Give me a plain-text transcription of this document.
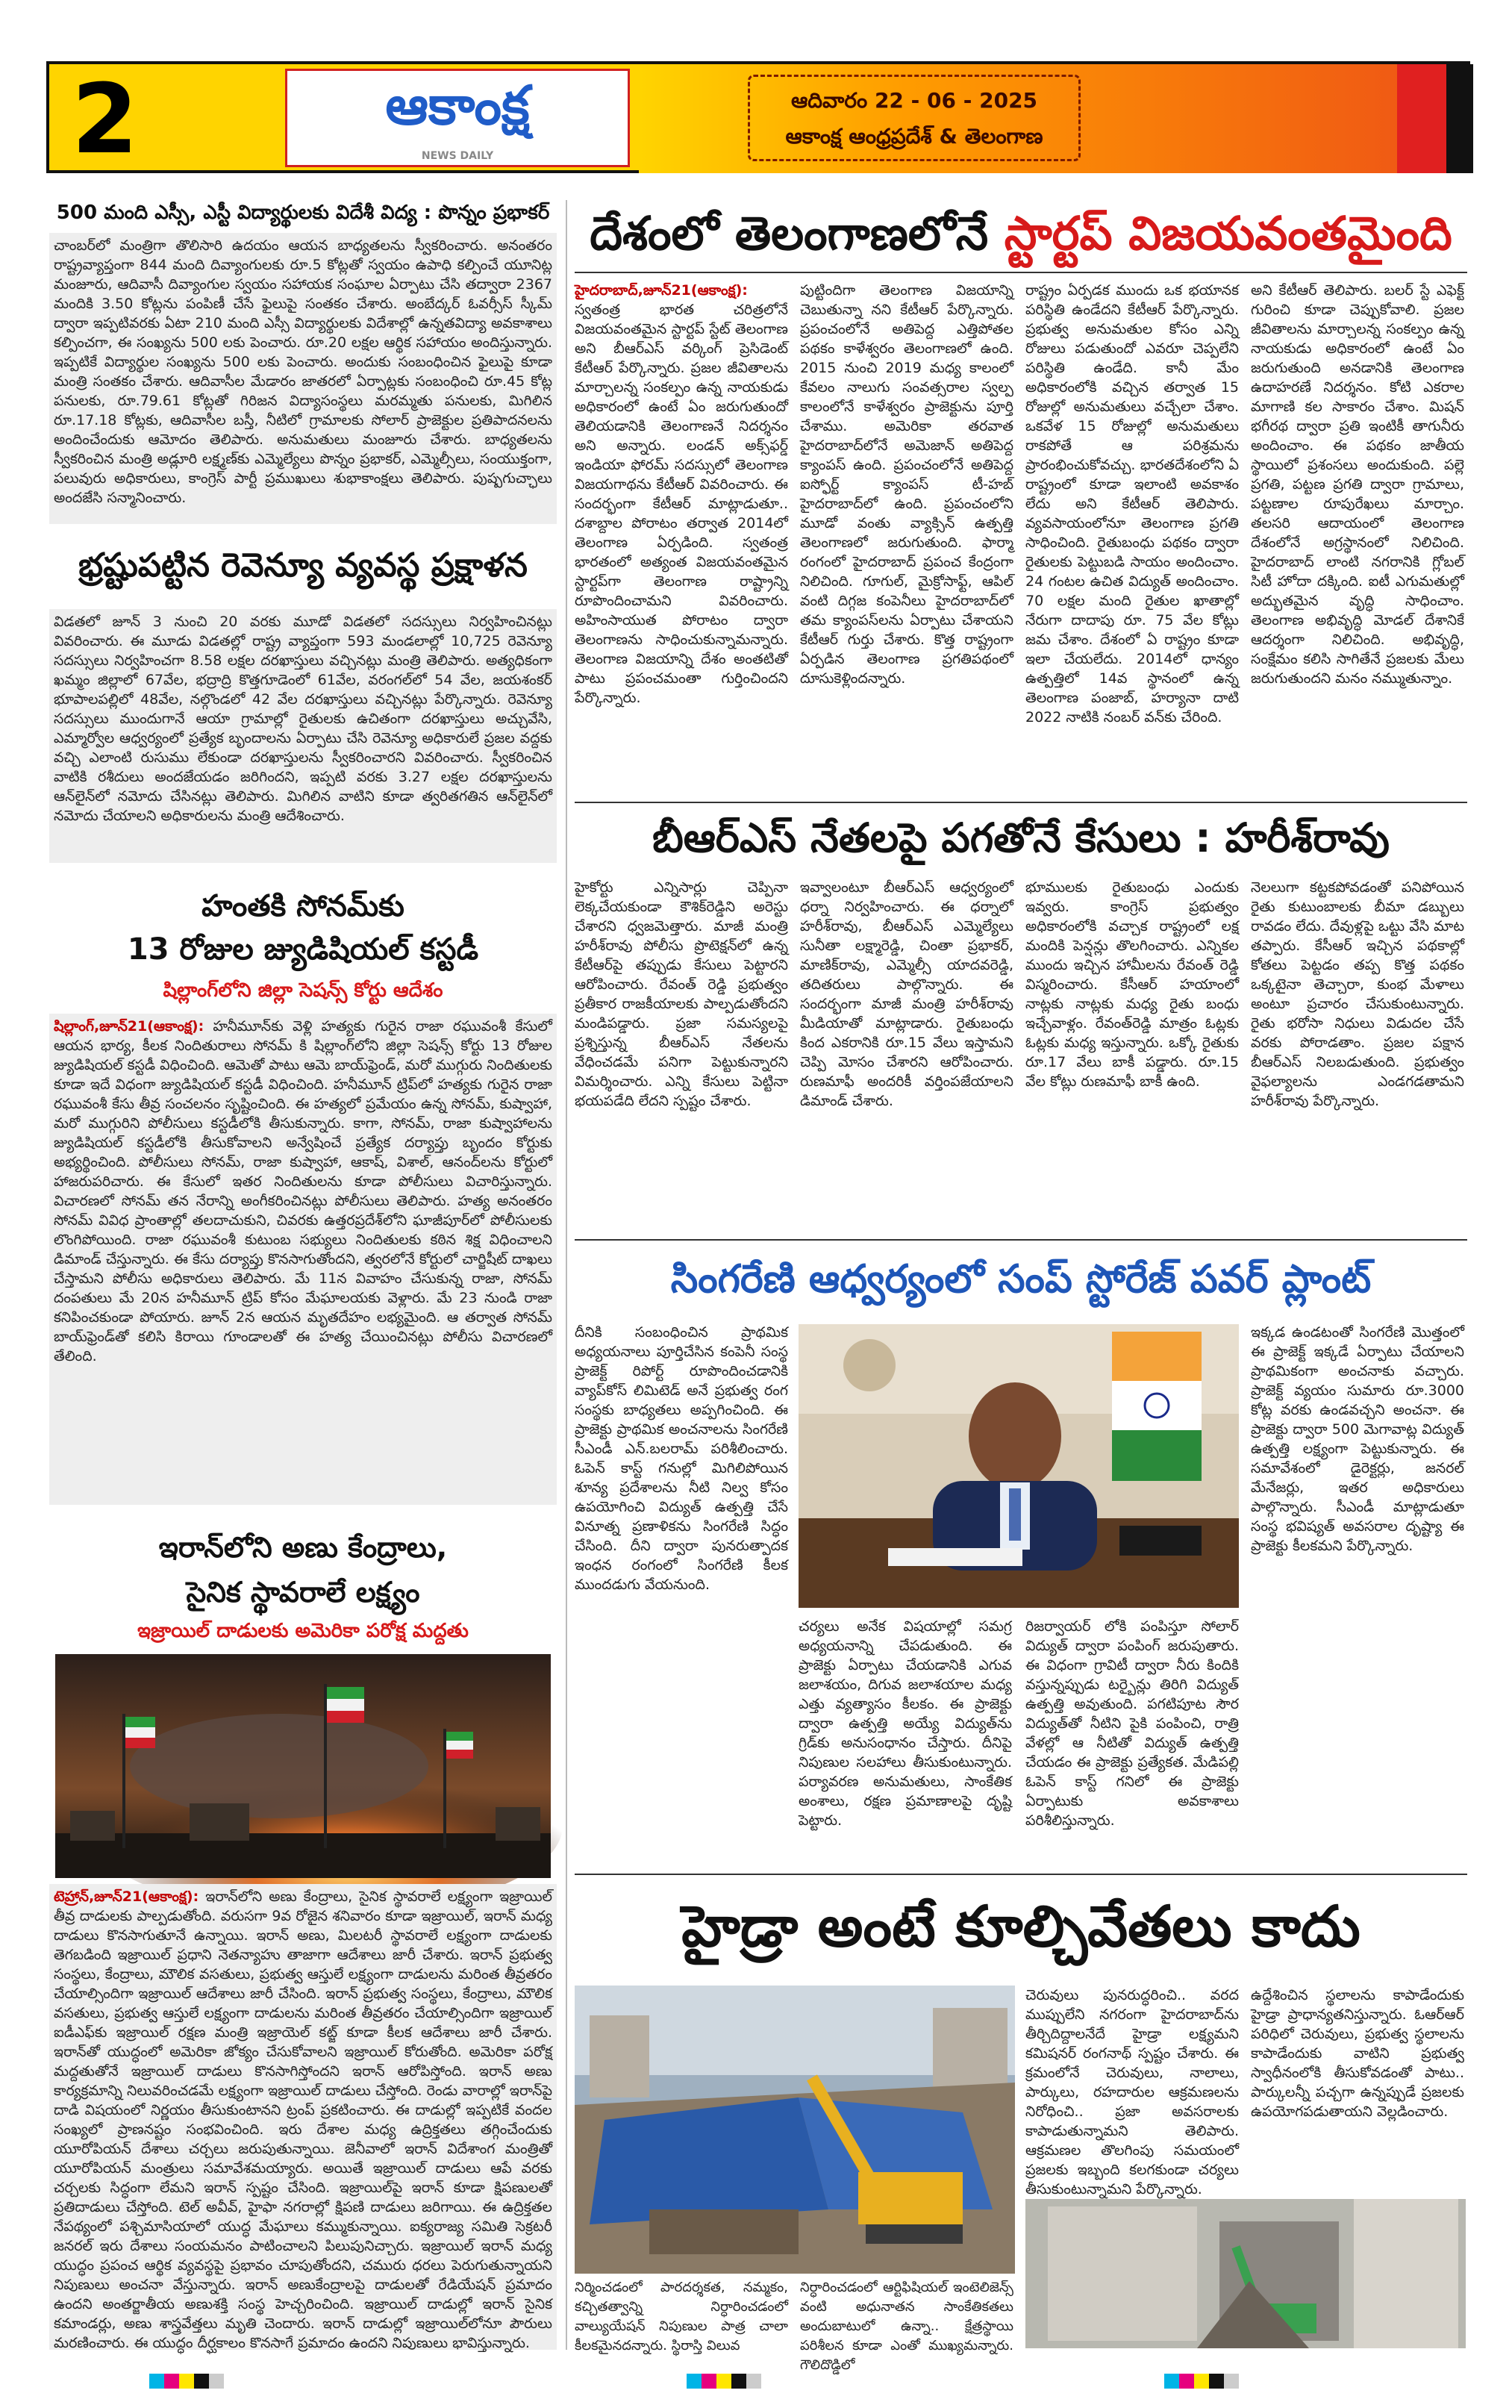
2	ఆకాంక్ష
NEWS DAILY
ఆదివారం 22 - 06 - 2025
ఆకాంక్ష ఆంధ్రప్రదేశ్ & తెలంగాణ
500 మంది ఎస్సీ, ఎస్టీ విద్యార్థులకు విదేశీ విద్య : పొన్నం ప్రభాకర్
చాంబర్‌లో మంత్రిగా తొలిసారి ఉదయం ఆయన బాధ్యతలను స్వీకరించారు. అనంతరం రాష్ట్రవ్యాప్తంగా 844 మంది దివ్యాంగులకు రూ.5 కోట్లతో స్వయం ఉపాధి కల్పించే యూనిట్ల మంజూరు, ఆదివాసీ దివ్యాంగుల స్వయం సహాయక సంఘాల ఏర్పాటు చేసి తద్వారా 2367 మందికి 3.50 కోట్లను పంపిణీ చేసే ఫైలుపై సంతకం చేశారు. అంబేద్కర్ ఓవర్సీస్ స్కీమ్ ద్వారా ఇప్పటివరకు ఏటా 210 మంది ఎస్సీ విద్యార్థులకు విదేశాల్లో ఉన్నతవిద్యా అవకాశాలు కల్పించగా, ఈ సంఖ్యను 500 లకు పెంచారు. రూ.20 లక్షల ఆర్థిక సహాయం అందిస్తున్నారు. ఇప్పటికే విద్యార్థుల సంఖ్యను 500 లకు పెంచారు. అందుకు సంబంధించిన ఫైలుపై కూడా మంత్రి సంతకం చేశారు. ఆదివాసీల మేడారం జాతరలో ఏర్పాట్లకు సంబంధించి రూ.45 కోట్ల పనులకు, రూ.79.61 కోట్లతో గిరిజన విద్యాసంస్థలు మరమ్మతు పనులకు, మిగిలిన రూ.17.18 కోట్లకు, ఆదివాసీల బస్తీ, నీటిలో గ్రామాలకు సోలార్ ప్రాజెక్టుల ప్రతిపాదనలను అందించేందుకు ఆమోదం తెలిపారు. అనుమతులు మంజూరు చేశారు. బాధ్యతలను స్వీకరించిన మంత్రి అడ్లూరి లక్ష్మణ్‌కు ఎమ్మెల్యేలు పొన్నం ప్రభాకర్, ఎమ్మెల్సీలు, సంయుక్తంగా, పలువురు అధికారులు, కాంగ్రెస్ పార్టీ ప్రముఖులు శుభాకాంక్షలు తెలిపారు. పుష్పగుచ్ఛాలు అందజేసి సన్మానించారు.
భ్రష్టుపట్టిన రెవెన్యూ వ్యవస్థ ప్రక్షాళన
విడతలో జూన్ 3 నుంచి 20 వరకు మూడో విడతలో సదస్సులు నిర్వహించినట్లు వివరించారు. ఈ మూడు విడతల్లో రాష్ట్ర వ్యాప్తంగా 593 మండలాల్లో 10,725 రెవెన్యూ సదస్సులు నిర్వహించగా 8.58 లక్షల దరఖాస్తులు వచ్చినట్లు మంత్రి తెలిపారు. అత్యధికంగా ఖమ్మం జిల్లాలో 67వేల, భద్రాద్రి కొత్తగూడెంలో 61వేల, వరంగల్‌లో 54 వేల, జయశంకర్ భూపాలపల్లిలో 48వేల, నల్గొండలో 42 వేల దరఖాస్తులు వచ్చినట్లు పేర్కొన్నారు. రెవెన్యూ సదస్సులు ముందుగానే ఆయా గ్రామాల్లో రైతులకు ఉచితంగా దరఖాస్తులు అచ్చువేసి, ఎమ్మార్వోల ఆధ్వర్యంలో ప్రత్యేక బృందాలను ఏర్పాటు చేసి రెవెన్యూ అధికారులే ప్రజల వద్దకు వచ్చి ఎలాంటి రుసుము లేకుండా దరఖాస్తులను స్వీకరించారని వివరించారు. స్వీకరించిన వాటికి రశీదులు అందజేయడం జరిగిందని, ఇప్పటి వరకు 3.27 లక్షల దరఖాస్తులను ఆన్‌లైన్‌లో నమోదు చేసినట్లు తెలిపారు. మిగిలిన వాటిని కూడా త్వరితగతిన ఆన్‌లైన్‌లో నమోదు చేయాలని అధికారులను మంత్రి ఆదేశించారు.
హంతకి సోనమ్‌కు
13 రోజుల జ్యుడిషియల్ కస్టడీ
షిల్లాంగ్‌లోని జిల్లా సెషన్స్ కోర్టు ఆదేశం
షిల్లాంగ్,జూన్21(ఆకాంక్ష): హనీమూన్‌కు వెళ్లి హత్యకు గురైన రాజా రఘువంశీ కేసులో ఆయన భార్య, కీలక నిందితురాలు సోనమ్‌ కి షిల్లాంగ్‌లోని జిల్లా సెషన్స్ కోర్టు 13 రోజుల జ్యుడిషియల్ కస్టడీ విధించింది. ఆమెతో పాటు ఆమె బాయ్‌ఫ్రెండ్, మరో ముగ్గురు నిందితులకు కూడా ఇదే విధంగా జ్యుడిషియల్ కస్టడీ విధించింది. హనీమూన్ ట్రిప్‌లో హత్యకు గురైన రాజా రఘువంశీ కేసు తీవ్ర సంచలనం సృష్టించింది. ఈ హత్యలో ప్రమేయం ఉన్న సోనమ్, కుష్వాహా, మరో ముగ్గురిని పోలీసులు కస్టడీలోకి తీసుకున్నారు. కాగా, సోనమ్, రాజా కుష్వాహాలను జ్యుడిషియల్ కస్టడీలోకి తీసుకోవాలని అన్వేషించే ప్రత్యేక దర్యాప్తు బృందం కోర్టుకు అభ్యర్థించింది. పోలీసులు సోనమ్, రాజా కుష్వాహా, ఆకాష్, విశాల్, ఆనంద్‌లను కోర్టులో హాజరుపరిచారు. ఈ కేసులో ఇతర నిందితులను కూడా పోలీసులు విచారిస్తున్నారు. విచారణలో సోనమ్ తన నేరాన్ని అంగీకరించినట్లు పోలీసులు తెలిపారు. హత్య అనంతరం సోనమ్ వివిధ ప్రాంతాల్లో తలదాచుకుని, చివరకు ఉత్తరప్రదేశ్‌లోని ఘాజీపూర్‌లో పోలీసులకు లొంగిపోయింది. రాజా రఘువంశీ కుటుంబ సభ్యులు నిందితులకు కఠిన శిక్ష విధించాలని డిమాండ్ చేస్తున్నారు. ఈ కేసు దర్యాప్తు కొనసాగుతోందని, త్వరలోనే కోర్టులో చార్జిషీట్ దాఖలు చేస్తామని పోలీసు అధికారులు తెలిపారు. మే 11న వివాహం చేసుకున్న రాజా, సోనమ్ దంపతులు మే 20న హనీమూన్ ట్రిప్ కోసం మేఘాలయకు వెళ్లారు. మే 23 నుండి రాజా కనిపించకుండా పోయారు. జూన్ 2న ఆయన మృతదేహం లభ్యమైంది. ఆ తర్వాత సోనమ్ బాయ్‌ఫ్రెండ్‌తో కలిసి కిరాయి గూండాలతో ఈ హత్య చేయించినట్లు పోలీసు విచారణలో తేలింది.
ఇరాన్‌లోని అణు కేంద్రాలు,
సైనిక స్థావరాలే లక్ష్యం
ఇజ్రాయిల్ దాడులకు అమెరికా పరోక్ష మద్దతు
టెహ్రాన్,జూన్21(ఆకాంక్ష): ఇరాన్‌లోని అణు కేంద్రాలు, సైనిక స్థావరాలే లక్ష్యంగా ఇజ్రాయిల్ తీవ్ర దాడులకు పాల్పడుతోంది. వరుసగా 9వ రోజైన శనివారం కూడా ఇజ్రాయిల్, ఇరాన్ మధ్య దాడులు కొనసాగుతూనే ఉన్నాయి. ఇరాన్ అణు, మిలటరీ స్థావరాలే లక్ష్యంగా దాడులకు తెగబడింది ఇజ్రాయిల్ ప్రధాని నెతన్యాహు తాజాగా ఆదేశాలు జారీ చేశారు. ఇరాన్ ప్రభుత్వ సంస్థలు, కేంద్రాలు, మౌలిక వసతులు, ప్రభుత్వ ఆస్తులే లక్ష్యంగా దాడులను మరింత తీవ్రతరం చేయాల్సిందిగా ఇజ్రాయిల్ ఆదేశాలు జారీ చేసింది. ఇరాన్ ప్రభుత్వ సంస్థలు, కేంద్రాలు, మౌలిక వసతులు, ప్రభుత్వ ఆస్తులే లక్ష్యంగా దాడులను మరింత తీవ్రతరం చేయాల్సిందిగా ఇజ్రాయిల్ ఐడీఎఫ్‌కు ఇజ్రాయిల్ రక్షణ మంత్రి ఇజ్రాయెల్ కట్జ్ కూడా కీలక ఆదేశాలు జారీ చేశారు. ఇరాన్‌తో యుద్ధంలో అమెరికా జోక్యం చేసుకోవాలని ఇజ్రాయిల్ కోరుతోంది. అమెరికా పరోక్ష మద్దతుతోనే ఇజ్రాయిల్ దాడులు కొనసాగిస్తోందని ఇరాన్ ఆరోపిస్తోంది. ఇరాన్ అణు కార్యక్రమాన్ని నిలువరించడమే లక్ష్యంగా ఇజ్రాయిల్ దాడులు చేస్తోంది. రెండు వారాల్లో ఇరాన్‌పై దాడి విషయంలో నిర్ణయం తీసుకుంటానని ట్రంప్ ప్రకటించారు. ఈ దాడుల్లో ఇప్పటికే వందల సంఖ్యలో ప్రాణనష్టం సంభవించింది. ఇరు దేశాల మధ్య ఉద్రిక్తతలు తగ్గించేందుకు యూరోపియన్ దేశాలు చర్చలు జరుపుతున్నాయి. జెనీవాలో ఇరాన్ విదేశాంగ మంత్రితో యూరోపియన్ మంత్రులు సమావేశమయ్యారు. అయితే ఇజ్రాయిల్ దాడులు ఆపే వరకు చర్చలకు సిద్ధంగా లేమని ఇరాన్ స్పష్టం చేసింది. ఇజ్రాయిల్‌పై ఇరాన్ కూడా క్షిపణులతో ప్రతిదాడులు చేస్తోంది. టెల్ అవీవ్, హైఫా నగరాల్లో క్షిపణి దాడులు జరిగాయి. ఈ ఉద్రిక్తతల నేపథ్యంలో పశ్చిమాసియాలో యుద్ధ మేఘాలు కమ్ముకున్నాయి. ఐక్యరాజ్య సమితి సెక్రటరీ జనరల్ ఇరు దేశాలు సంయమనం పాటించాలని పిలుపునిచ్చారు. ఇజ్రాయిల్ ఇరాన్ మధ్య యుద్ధం ప్రపంచ ఆర్థిక వ్యవస్థపై ప్రభావం చూపుతోందని, చమురు ధరలు పెరుగుతున్నాయని నిపుణులు అంచనా వేస్తున్నారు. ఇరాన్ అణుకేంద్రాలపై దాడులతో రేడియేషన్ ప్రమాదం ఉందని అంతర్జాతీయ అణుశక్తి సంస్థ హెచ్చరించింది. ఇజ్రాయిల్ దాడుల్లో ఇరాన్ సైనిక కమాండర్లు, అణు శాస్త్రవేత్తలు మృతి చెందారు. ఇరాన్ దాడుల్లో ఇజ్రాయిల్‌లోనూ పౌరులు మరణించారు. ఈ యుద్ధం దీర్ఘకాలం కొనసాగే ప్రమాదం ఉందని నిపుణులు భావిస్తున్నారు.
దేశంలో తెలంగాణలోనే స్టార్టప్ విజయవంతమైంది
హైదరాబాద్,జూన్21(ఆకాంక్ష): స్వతంత్ర భారత చరిత్రలోనే విజయవంతమైన స్టార్టప్ స్టేట్ తెలంగాణ అని బీఆర్ఎస్ వర్కింగ్ ప్రెసిడెంట్ కేటీఆర్ పేర్కొన్నారు. ప్రజల జీవితాలను మార్చాలన్న సంకల్పం ఉన్న నాయకుడు అధికారంలో ఉంటే ఏం జరుగుతుందో తెలియడానికి తెలంగాణనే నిదర్శనం అని అన్నారు. లండన్ అక్స్‌ఫర్డ్ ఇండియా ఫోరమ్ సదస్సులో తెలంగాణ విజయగాథను కేటీఆర్ వివరించారు. ఈ సందర్భంగా కేటీఆర్ మాట్లాడుతూ.. దశాబ్దాల పోరాటం తర్వాత 2014లో తెలంగాణ ఏర్పడింది. స్వతంత్ర భారతంలో అత్యంత విజయవంతమైన స్టార్టప్‌గా తెలంగాణ రాష్ట్రాన్ని రూపొందించామని వివరించారు. అహింసాయుత పోరాటం ద్వారా తెలంగాణను సాధించుకున్నామన్నారు. తెలంగాణ విజయాన్ని దేశం అంతటితో పాటు ప్రపంచమంతా గుర్తించిందని పేర్కొన్నారు.
పుట్టిందిగా తెలంగాణ విజయాన్ని చెబుతున్నా నని కేటీఆర్ పేర్కొన్నారు. ప్రపంచంలోనే అతిపెద్ద ఎత్తిపోతల పథకం కాళేశ్వరం తెలంగాణలో ఉంది. 2015 నుంచి 2019 మధ్య కాలంలో కేవలం నాలుగు సంవత్సరాల స్వల్ప కాలంలోనే కాళేశ్వరం ప్రాజెక్టును పూర్తి చేశాము. అమెరికా తరవాత హైదరాబాద్‌లోనే అమెజాన్ అతిపెద్ద క్యాంపస్ ఉంది. ప్రపంచంలోనే అతిపెద్ద ఐస్ఫోర్ట్ క్యాంపస్ టీ-హబ్ హైదరాబాద్‌లో ఉంది. ప్రపంచంలోని మూడో వంతు వ్యాక్సిన్ ఉత్పత్తి తెలంగాణలో జరుగుతుంది. ఫార్మా రంగంలో హైదరాబాద్ ప్రపంచ కేంద్రంగా నిలిచింది. గూగుల్, మైక్రోసాఫ్ట్, ఆపిల్ వంటి దిగ్గజ కంపెనీలు హైదరాబాద్‌లో తమ క్యాంపస్‌లను ఏర్పాటు చేశాయని కేటీఆర్ గుర్తు చేశారు. కొత్త రాష్ట్రంగా ఏర్పడిన తెలంగాణ ప్రగతిపథంలో దూసుకెళ్లిందన్నారు.
రాష్ట్రం ఏర్పడక ముందు ఒక భయానక పరిస్థితి ఉండేదని కేటీఆర్ పేర్కొన్నారు. ప్రభుత్వ అనుమతుల కోసం ఎన్ని రోజులు పడుతుందో ఎవరూ చెప్పలేని పరిస్థితి ఉండేది. కానీ మేం అధికారంలోకి వచ్చిన తర్వాత 15 రోజుల్లో అనుమతులు వచ్చేలా చేశాం. ఒకవేళ 15 రోజుల్లో అనుమతులు రాకపోతే ఆ పరిశ్రమను ప్రారంభించుకోవచ్చు. భారతదేశంలోని ఏ రాష్ట్రంలో కూడా ఇలాంటి అవకాశం లేదు అని కేటీఆర్ తెలిపారు. వ్యవసాయంలోనూ తెలంగాణ ప్రగతి సాధించింది. రైతుబంధు పథకం ద్వారా రైతులకు పెట్టుబడి సాయం అందించాం. 24 గంటల ఉచిత విద్యుత్ అందించాం. 70 లక్షల మంది రైతుల ఖాతాల్లో నేరుగా దాదాపు రూ. 75 వేల కోట్లు జమ చేశాం. దేశంలో ఏ రాష్ట్రం కూడా ఇలా చేయలేదు. 2014లో ధాన్యం ఉత్పత్తిలో 14వ స్థానంలో ఉన్న తెలంగాణ పంజాబ్, హర్యానా దాటి 2022 నాటికి నంబర్ వన్‌కు చేరింది.
అని కేటీఆర్ తెలిపారు. బలర్ స్టే ఎఫెక్ట్ గురించి కూడా చెప్పుకోవాలి. ప్రజల జీవితాలను మార్చాలన్న సంకల్పం ఉన్న నాయకుడు అధికారంలో ఉంటే ఏం జరుగుతుంది అనడానికి తెలంగాణ ఉదాహరణే నిదర్శనం. కోటి ఎకరాల మాగాణి కల సాకారం చేశాం. మిషన్ భగీరథ ద్వారా ప్రతి ఇంటికీ తాగునీరు అందించాం. ఈ పథకం జాతీయ స్థాయిలో ప్రశంసలు అందుకుంది. పల్లె ప్రగతి, పట్టణ ప్రగతి ద్వారా గ్రామాలు, పట్టణాల రూపురేఖలు మార్చాం. తలసరి ఆదాయంలో తెలంగాణ దేశంలోనే అగ్రస్థానంలో నిలిచింది. హైదరాబాద్ లాంటి నగరానికి గ్లోబల్ సిటీ హోదా దక్కింది. ఐటీ ఎగుమతుల్లో అద్భుతమైన వృద్ధి సాధించాం. తెలంగాణ అభివృద్ధి మోడల్ దేశానికే ఆదర్శంగా నిలిచింది. అభివృద్ధి, సంక్షేమం కలిసి సాగితేనే ప్రజలకు మేలు జరుగుతుందని మనం నమ్ముతున్నాం.
బీఆర్ఎస్ నేతలపై పగతోనే కేసులు : హరీశ్‌రావు
హైకోర్టు ఎన్నిసార్లు చెప్పినా లెక్కచేయకుండా కౌశిక్‌రెడ్డిని అరెస్టు చేశారని ధ్వజమెత్తారు. మాజీ మంత్రి హరీశ్‌రావు పోలీసు ప్రొటెక్షన్‌లో ఉన్న కేటీఆర్‌పై తప్పుడు కేసులు పెట్టారని ఆరోపించారు. రేవంత్ రెడ్డి ప్రభుత్వం ప్రతీకార రాజకీయాలకు పాల్పడుతోందని మండిపడ్డారు. ప్రజా సమస్యలపై ప్రశ్నిస్తున్న బీఆర్ఎస్ నేతలను వేధించడమే పనిగా పెట్టుకున్నారని విమర్శించారు. ఎన్ని కేసులు పెట్టినా భయపడేది లేదని స్పష్టం చేశారు.
ఇవ్వాలంటూ బీఆర్ఎస్ ఆధ్వర్యంలో ధర్నా నిర్వహించారు. ఈ ధర్నాలో హరీశ్‌రావు, బీఆర్ఎస్ ఎమ్మెల్యేలు సునీతా లక్ష్మారెడ్డి, చింతా ప్రభాకర్, మాణిక్‌రావు, ఎమ్మెల్సీ యాదవరెడ్డి, తదితరులు పాల్గొన్నారు. ఈ సందర్భంగా మాజీ మంత్రి హరీశ్‌రావు మీడియాతో మాట్లాడారు. రైతుబంధు కింద ఎకరానికి రూ.15 వేలు ఇస్తామని చెప్పి మోసం చేశారని ఆరోపించారు. రుణమాఫీ అందరికీ వర్తింపజేయాలని డిమాండ్ చేశారు.
భూములకు రైతుబంధు ఎందుకు ఇవ్వరు. కాంగ్రెస్ ప్రభుత్వం అధికారంలోకి వచ్చాక రాష్ట్రంలో లక్ష మందికి పెన్షన్లు తొలగించారు. ఎన్నికల ముందు ఇచ్చిన హామీలను రేవంత్ రెడ్డి విస్మరించారు. కేసీఆర్ హయాంలో నాట్లకు నాట్లకు మధ్య రైతు బంధు ఇచ్చేవాళ్లం. రేవంత్‌రెడ్డి మాత్రం ఓట్లకు ఓట్లకు మధ్య ఇస్తున్నారు. ఒక్కో రైతుకు రూ.17 వేలు బాకీ పడ్డారు. రూ.15 వేల కోట్లు రుణమాఫీ బాకీ ఉంది.
నెలలుగా కట్టకపోవడంతో పనిపోయిన రైతు కుటుంబాలకు బీమా డబ్బులు రావడం లేదు. దేవుళ్లపై ఒట్టు వేసి మాట తప్పారు. కేసీఆర్ ఇచ్చిన పథకాల్లో కోతలు పెట్టడం తప్ప కొత్త పథకం ఒక్కటైనా తెచ్చారా, కుంభ మేళాలు అంటూ ప్రచారం చేసుకుంటున్నారు. రైతు భరోసా నిధులు విడుదల చేసే వరకు పోరాడతాం. ప్రజల పక్షాన బీఆర్ఎస్ నిలబడుతుంది. ప్రభుత్వం వైఫల్యాలను ఎండగడతామని హరీశ్‌రావు పేర్కొన్నారు.
సింగరేణి ఆధ్వర్యంలో సంప్ స్టోరేజ్ పవర్ ప్లాంట్
దీనికి సంబంధించిన ప్రాథమిక అధ్యయనాలు పూర్తిచేసిన కంపెనీ సంస్థ ప్రాజెక్ట్ రిపోర్ట్ రూపొందించడానికి వ్యాప్‌కోస్ లిమిటెడ్ అనే ప్రభుత్వ రంగ సంస్థకు బాధ్యతలు అప్పగించింది. ఈ ప్రాజెక్టు ప్రాథమిక అంచనాలను సింగరేణి సీఎండీ ఎన్.బలరామ్ పరిశీలించారు. ఓపెన్ కాస్ట్ గనుల్లో మిగిలిపోయిన శూన్య ప్రదేశాలను నీటి నిల్వ కోసం ఉపయోగించి విద్యుత్ ఉత్పత్తి చేసే వినూత్న ప్రణాళికను సింగరేణి సిద్ధం చేసింది. దీని ద్వారా పునరుత్పాదక ఇంధన రంగంలో సింగరేణి కీలక ముందడుగు వేయనుంది.
చర్యలు అనేక విషయాల్లో సమగ్ర అధ్యయనాన్ని చేపడుతుంది. ఈ ప్రాజెక్టు ఏర్పాటు చేయడానికి ఎగువ జలాశయం, దిగువ జలాశయాల మధ్య ఎత్తు వ్యత్యాసం కీలకం. ఈ ప్రాజెక్టు ద్వారా ఉత్పత్తి అయ్యే విద్యుత్‌ను గ్రిడ్‌కు అనుసంధానం చేస్తారు. దీనిపై నిపుణుల సలహాలు తీసుకుంటున్నారు. పర్యావరణ అనుమతులు, సాంకేతిక అంశాలు, రక్షణ ప్రమాణాలపై దృష్టి పెట్టారు.
రిజర్వాయర్ లోకి పంపిస్తూ సోలార్ విద్యుత్ ద్వారా పంపింగ్ జరుపుతారు. ఈ విధంగా గ్రావిటీ ద్వారా నీరు కిందికి వస్తున్నప్పుడు టర్బైన్లు తిరిగి విద్యుత్ ఉత్పత్తి అవుతుంది. పగటిపూట సౌర విద్యుత్‌తో నీటిని పైకి పంపించి, రాత్రి వేళల్లో ఆ నీటితో విద్యుత్ ఉత్పత్తి చేయడం ఈ ప్రాజెక్టు ప్రత్యేకత. మేడిపల్లి ఓపెన్ కాస్ట్ గనిలో ఈ ప్రాజెక్టు ఏర్పాటుకు అవకాశాలు పరిశీలిస్తున్నారు.
ఇక్కడ ఉండటంతో సింగరేణి మొత్తంలో ఈ ప్రాజెక్ట్ ఇక్కడే ఏర్పాటు చేయాలని ప్రాథమికంగా అంచనాకు వచ్చారు. ప్రాజెక్ట్ వ్యయం సుమారు రూ.3000 కోట్ల వరకు ఉండవచ్చని అంచనా. ఈ ప్రాజెక్టు ద్వారా 500 మెగావాట్ల విద్యుత్ ఉత్పత్తి లక్ష్యంగా పెట్టుకున్నారు. ఈ సమావేశంలో డైరెక్టర్లు, జనరల్ మేనేజర్లు, ఇతర అధికారులు పాల్గొన్నారు. సీఎండీ మాట్లాడుతూ సంస్థ భవిష్యత్ అవసరాల దృష్ట్యా ఈ ప్రాజెక్టు కీలకమని పేర్కొన్నారు.
హైడ్రా అంటే కూల్చివేతలు కాదు
నిర్మించడంలో పారదర్శకత, నమ్మకం, కచ్చితత్వాన్ని నిర్ధారించడంలో వాల్యుయేషన్ నిపుణుల పాత్ర చాలా కీలకమైనదన్నారు. స్థిరాస్తి విలువ
నిర్ధారించడంలో ఆర్టిఫిషియల్ ఇంటెలిజెన్స్ వంటి అధునాతన సాంకేతికతలు అందుబాటులో ఉన్నా.. క్షేత్రస్థాయి పరిశీలన కూడా ఎంతో ముఖ్యమన్నారు. గౌలిదొడ్డిలో
చెరువులు పునరుద్ధరించి.. వరద ముప్పులేని నగరంగా హైదరాబాద్‌ను తీర్చిదిద్దాలనేదే హైడ్రా లక్ష్యమని కమిషనర్ రంగనాథ్ స్పష్టం చేశారు. ఈ క్రమంలోనే చెరువులు, నాలాలు, పార్కులు, రహదారుల ఆక్రమణలను నిరోధించి.. ప్రజా అవసరాలకు కాపాడుతున్నామని తెలిపారు. ఆక్రమణల తొలగింపు సమయంలో ప్రజలకు ఇబ్బంది కలగకుండా చర్యలు తీసుకుంటున్నామని పేర్కొన్నారు.
ఉద్దేశించిన స్థలాలను కాపాడేందుకు హైడ్రా ప్రాధాన్యతనిస్తున్నారు. ఓఆర్ఆర్ పరిధిలో చెరువులు, ప్రభుత్వ స్థలాలను కాపాడేందుకు వాటిని ప్రభుత్వ స్వాధీనంలోకి తీసుకోవడంతో పాటు.. పార్కులన్నీ పచ్చగా ఉన్నప్పుడే ప్రజలకు ఉపయోగపడుతాయని వెల్లడించారు.
